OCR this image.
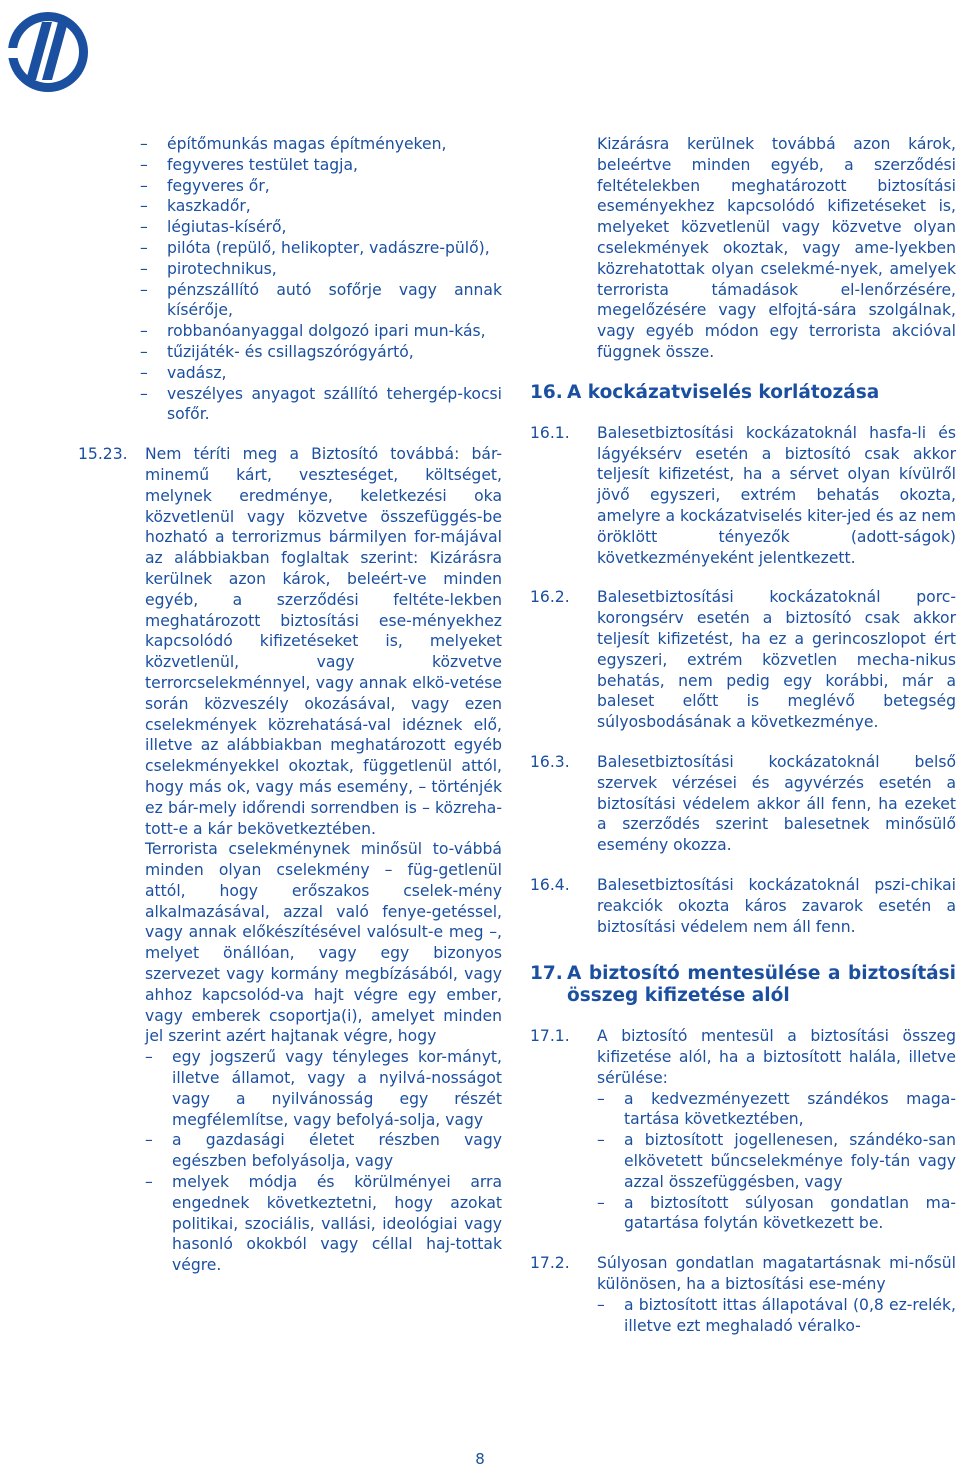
–	építőmunkás magas építményeken,
–	fegyveres testület tagja,
–	fegyveres őr,
–	kaszkadőr,
–	légiutas-kísérő,
–	pilóta (repülő, helikopter, vadászre-pülő),
–	pirotechnikus,
–	pénzszállító autó sofőrje vagy annak kísérője,
–	robbanóanyaggal dolgozó ipari mun-kás,
–	tűzijáték- és csillagszórógyártó,
–	vadász,
–	veszélyes anyagot szállító tehergép-kocsi sofőr.
15.23.	Nem téríti meg a Biztosító továbbá: bár-minemű kárt, veszteséget, költséget, melynek eredménye, keletkezési oka közvetlenül vagy közvetve összefüggés-be hozható a terrorizmus bármilyen for-májával az alábbiakban foglaltak szerint: Kizárásra kerülnek azon károk, beleért-ve minden egyéb, a szerződési feltéte-lekben meghatározott biztosítási ese-ményekhez kapcsolódó kifizetéseket is, melyeket közvetlenül, vagy közvetve terrorcselekménnyel, vagy annak elkö-vetése során közveszély okozásával, vagy ezen cselekmények közrehatásá-val idéznek elő, illetve az alábbiakban meghatározott egyéb cselekményekkel okoztak, függetlenül attól, hogy más ok, vagy más esemény, – történjék ez bár-mely időrendi sorrendben is – közreha-tott-e a kár bekövetkeztében.
Terrorista cselekménynek minősül to-vábbá minden olyan cselekmény – füg-getlenül attól, hogy erőszakos cselek-mény alkalmazásával, azzal való fenye-getéssel, vagy annak előkészítésével valósult-e meg –, melyet önállóan, vagy egy bizonyos szervezet vagy kormány megbízásából, vagy ahhoz kapcsolód-va hajt végre egy ember, vagy emberek csoportja(i), amelyet minden jel szerint azért hajtanak végre, hogy
–	egy jogszerű vagy tényleges kor-mányt, illetve államot, vagy a nyilvá-nosságot vagy a nyilvánosság egy részét megfélemlítse, vagy befolyá-solja, vagy
–	a gazdasági életet részben vagy egészben befolyásolja, vagy
–	melyek módja és körülményei arra engednek következtetni, hogy azokat politikai, szociális, vallási, ideológiai vagy hasonló okokból vagy céllal haj-tottak végre.
Kizárásra kerülnek továbbá azon károk, beleértve minden egyéb, a szerződési feltételekben meghatározott biztosítási eseményekhez kapcsolódó kifizetéseket is, melyeket közvetlenül vagy közvetve olyan cselekmények okoztak, vagy ame-lyekben közrehatottak olyan cselekmé-nyek, amelyek terrorista támadások el-lenőrzésére, megelőzésére vagy elfojtá-sára szolgálnak, vagy egyéb módon egy terrorista akcióval függnek össze.
16. A kockázatviselés korlátozása
16.1.	Balesetbiztosítási kockázatoknál hasfa-li és lágyéksérv esetén a biztosító csak akkor teljesít kifizetést, ha a sérvet olyan kívülről jövő egyszeri, extrém behatás okozta, amelyre a kockázatviselés kiter-jed és az nem öröklött tényezők (adott-ságok) következményeként jelentkezett.
16.2.	Balesetbiztosítási kockázatoknál porc-korongsérv esetén a biztosító csak akkor teljesít kifizetést, ha ez a gerincoszlopot ért egyszeri, extrém közvetlen mecha-nikus behatás, nem pedig egy korábbi, már a baleset előtt is meglévő betegség súlyosbodásának a következménye.
16.3.	Balesetbiztosítási kockázatoknál belső szervek vérzései és agyvérzés esetén a biztosítási védelem akkor áll fenn, ha ezeket a szerződés szerint balesetnek minősülő esemény okozza.
16.4.	Balesetbiztosítási kockázatoknál pszi-chikai reakciók okozta káros zavarok esetén a biztosítási védelem nem áll fenn.
17. A biztosító mentesülése a biztosítási összeg kifizetése alól
17.1.	A biztosító mentesül a biztosítási összeg kifizetése alól, ha a biztosított halála, illetve sérülése:
–	a kedvezményezett szándékos maga-tartása következtében,
–	a biztosított jogellenesen, szándéko-san elkövetett bűncselekménye foly-tán vagy azzal összefüggésben, vagy
–	a biztosított súlyosan gondatlan ma-gatartása folytán következett be.
17.2.	Súlyosan gondatlan magatartásnak mi-nősül különösen, ha a biztosítási ese-mény
–	a biztosított ittas állapotával (0,8 ez-relék, illetve ezt meghaladó véralko-
8
